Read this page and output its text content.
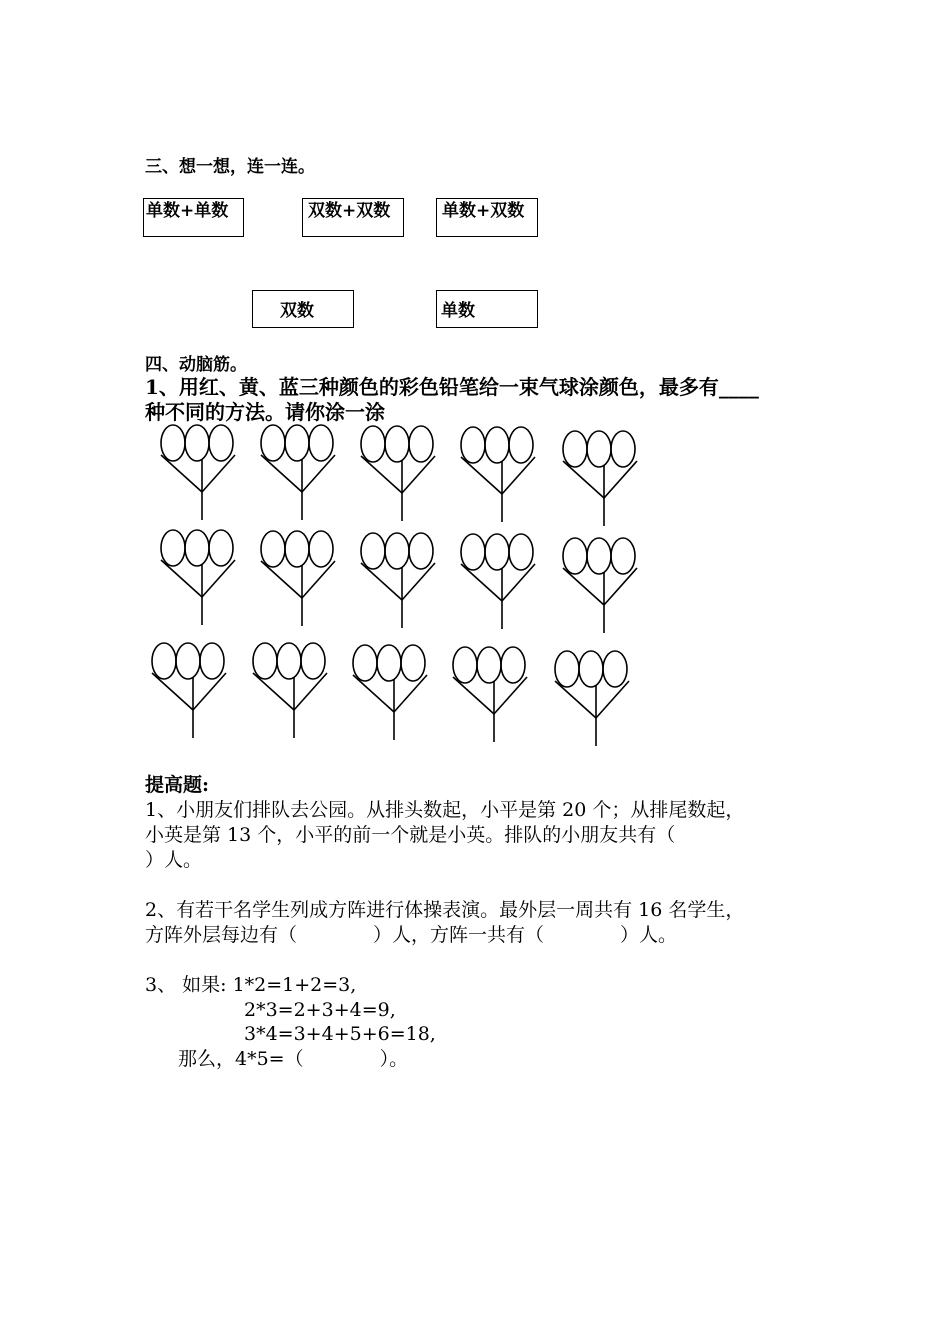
三、想一想，连一连。
单数+单数	双数+双数	单数+双数
双数	单数
四、动脑筋。
1、用红、黄、蓝三种颜色的彩色铅笔给一束气球涂颜色，最多有____
种不同的方法。请你涂一涂
提高题:
1、小朋友们排队去公园。从排头数起，小平是第 20 个；从排尾数起，
小英是第 13 个，小平的前一个就是小英。排队的小朋友共有（
）人。
2、有若干名学生列成方阵进行体操表演。最外层一周共有 16 名学生，
方阵外层每边有（　　　　）人，方阵一共有（　　　　）人。
3、 如果: 1*2=1+2=3,
2*3=2+3+4=9,
3*4=3+4+5+6=18,
那么，4*5=（　　　　）。
